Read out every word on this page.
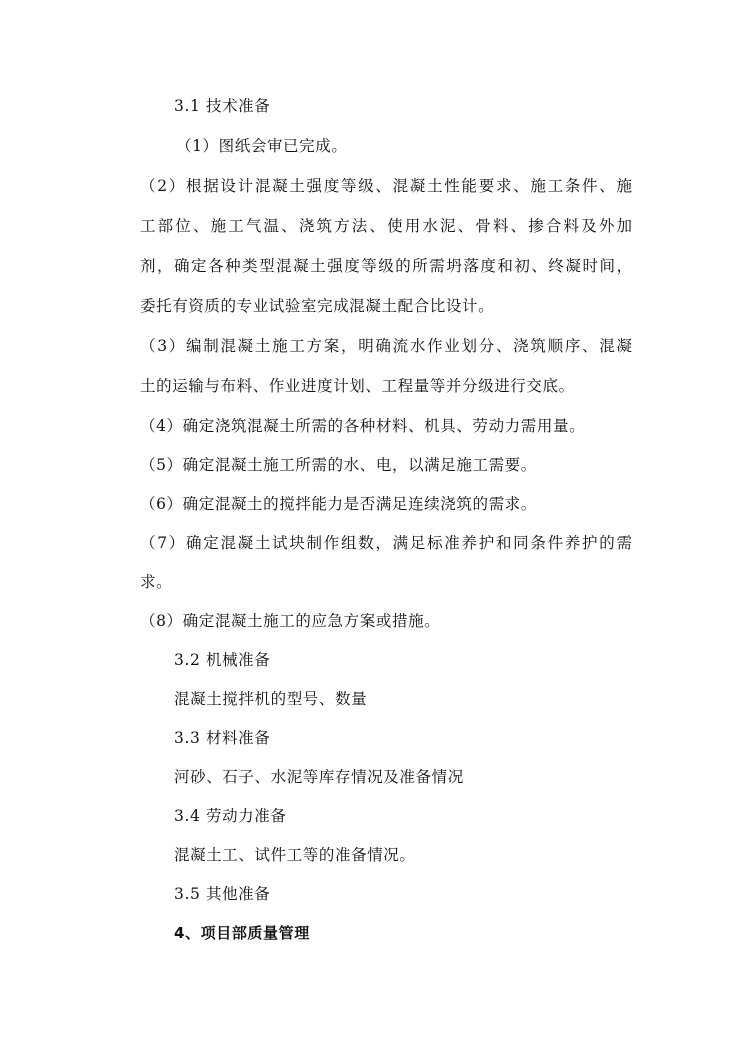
3.1 技术准备
（1）图纸会审已完成。
（2）根据设计混凝土强度等级、混凝土性能要求、施工条件、施
工部位、施工气温、浇筑方法、使用水泥、骨料、掺合料及外加
剂，确定各种类型混凝土强度等级的所需坍落度和初、终凝时间，
委托有资质的专业试验室完成混凝土配合比设计。
（3）编制混凝土施工方案，明确流水作业划分、浇筑顺序、混凝
土的运输与布料、作业进度计划、工程量等并分级进行交底。
（4）确定浇筑混凝土所需的各种材料、机具、劳动力需用量。
（5）确定混凝土施工所需的水、电，以满足施工需要。
（6）确定混凝土的搅拌能力是否满足连续浇筑的需求。
（7）确定混凝土试块制作组数，满足标准养护和同条件养护的需
求。
（8）确定混凝土施工的应急方案或措施。
3.2 机械准备
混凝土搅拌机的型号、数量
3.3 材料准备
河砂、石子、水泥等库存情况及准备情况
3.4 劳动力准备
混凝土工、试件工等的准备情况。
3.5 其他准备
4、项目部质量管理
